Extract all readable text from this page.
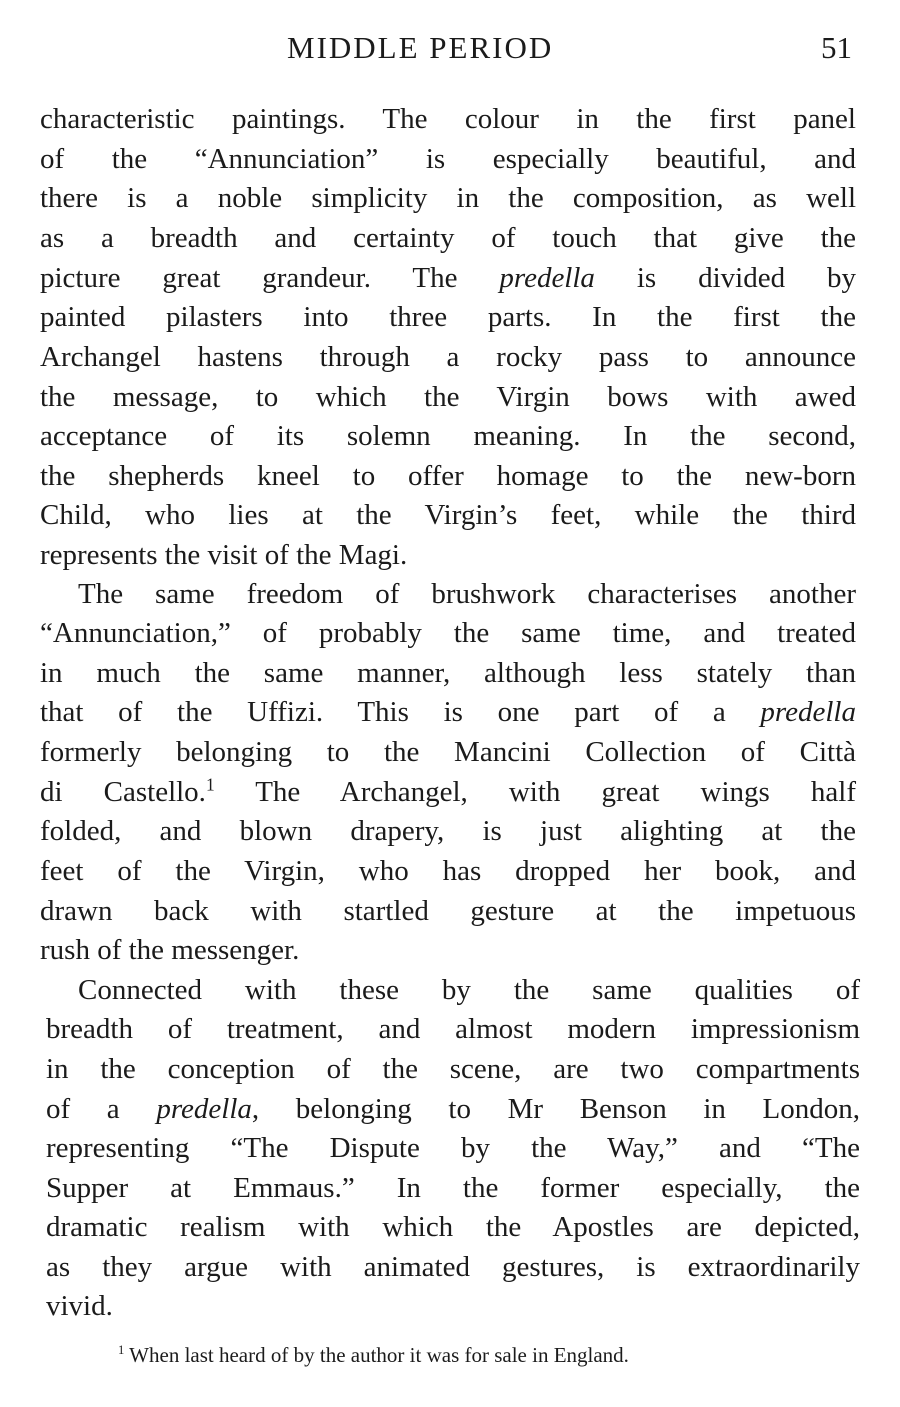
MIDDLE PERIOD	51
characteristic paintings. The colour in the first panel
of the “Annunciation” is especially beautiful, and
there is a noble simplicity in the composition, as well
as a breadth and certainty of touch that give the
picture great grandeur. The predella is divided by
painted pilasters into three parts. In the first the
Archangel hastens through a rocky pass to announce
the message, to which the Virgin bows with awed
acceptance of its solemn meaning. In the second,
the shepherds kneel to offer homage to the new-born
Child, who lies at the Virgin’s feet, while the third
represents the visit of the Magi.
The same freedom of brushwork characterises another
“Annunciation,” of probably the same time, and treated
in much the same manner, although less stately than
that of the Uffizi. This is one part of a predella
formerly belonging to the Mancini Collection of Città
di Castello.$^1$ The Archangel, with great wings half
folded, and blown drapery, is just alighting at the
feet of the Virgin, who has dropped her book, and
drawn back with startled gesture at the impetuous
rush of the messenger.
Connected with these by the same qualities of
breadth of treatment, and almost modern impressionism
in the conception of the scene, are two compartments
of a predella, belonging to Mr Benson in London,
representing “The Dispute by the Way,” and “The
Supper at Emmaus.” In the former especially, the
dramatic realism with which the Apostles are depicted,
as they argue with animated gestures, is extraordinarily
vivid.
$^1$ When last heard of by the author it was for sale in England.
